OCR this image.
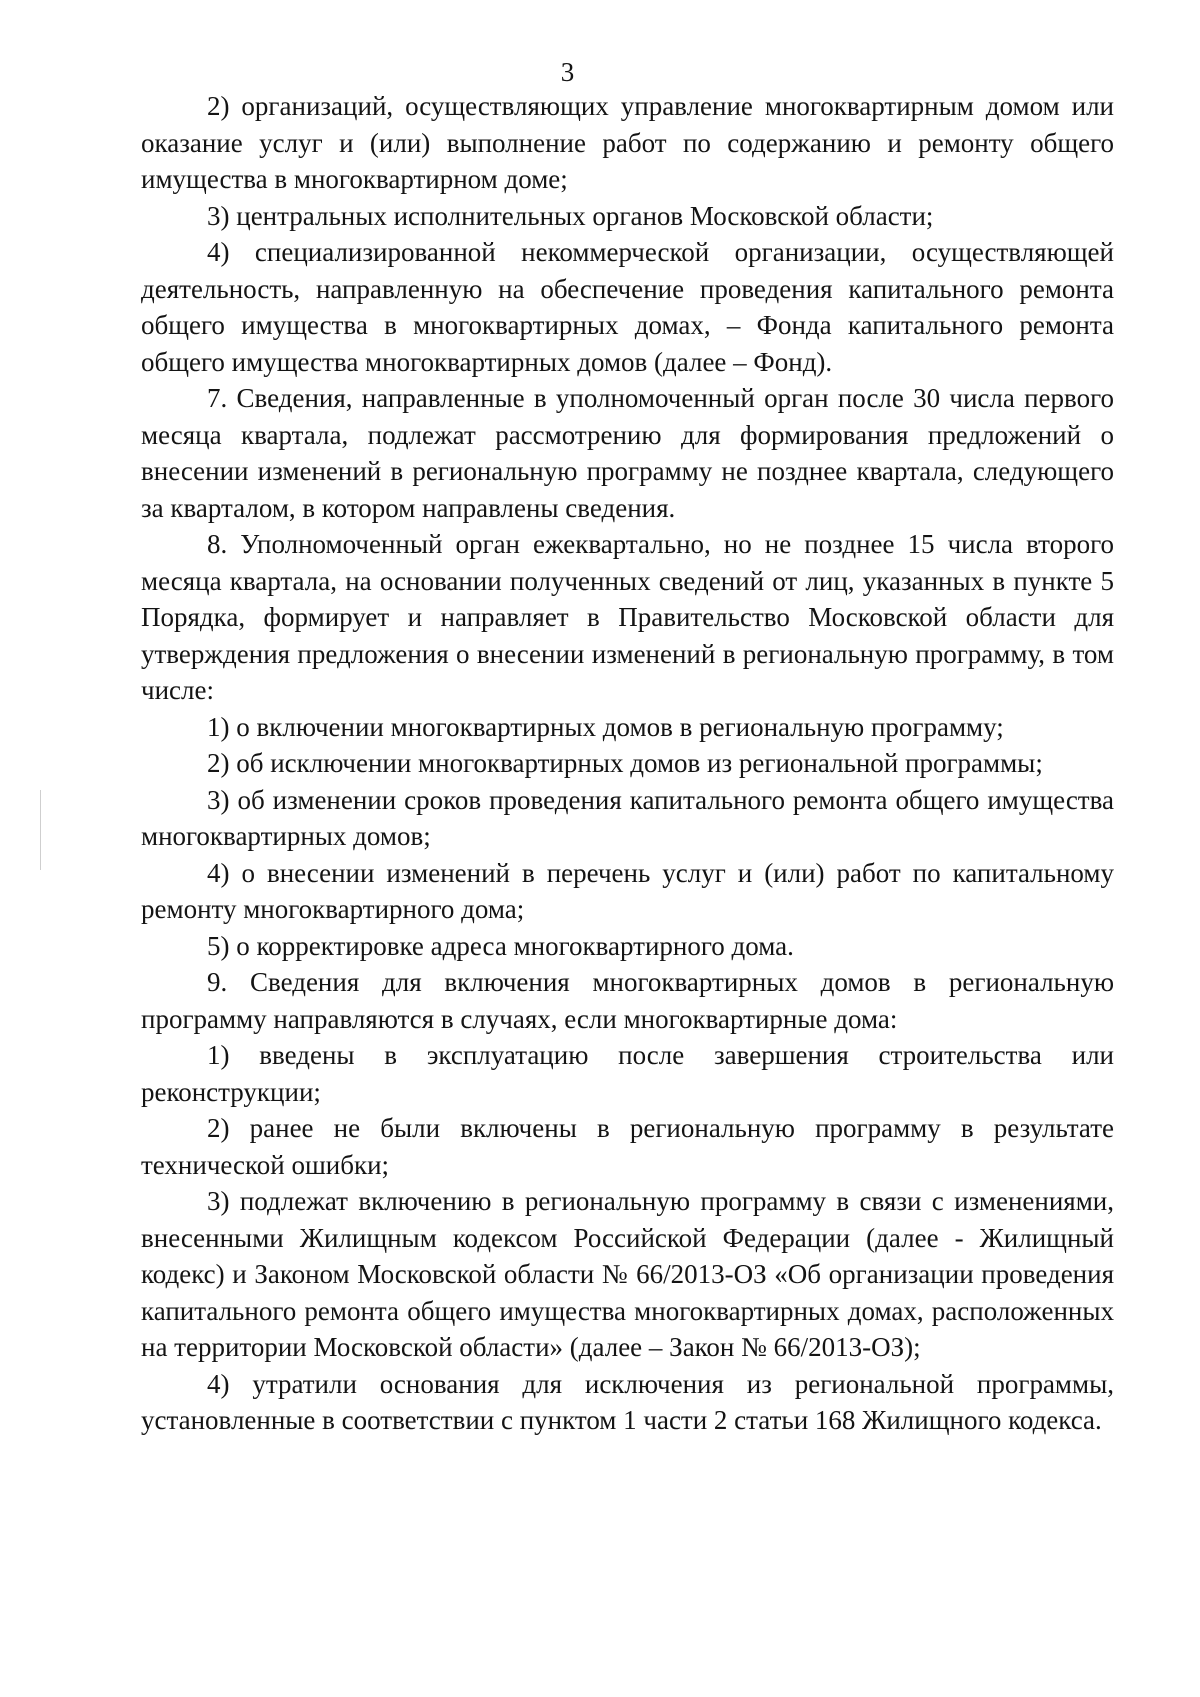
3

2) организаций, осуществляющих управление многоквартирным домом или оказание услуг и (или) выполнение работ по содержанию и ремонту общего имущества в многоквартирном доме;

3) центральных исполнительных органов Московской области;

4) специализированной некоммерческой организации, осуществляющей деятельность, направленную на обеспечение проведения капитального ремонта общего имущества в многоквартирных домах, – Фонда капитального ремонта общего имущества многоквартирных домов (далее – Фонд).

7. Сведения, направленные в уполномоченный орган после 30 числа первого месяца квартала, подлежат рассмотрению для формирования предложений о внесении изменений в региональную программу не позднее квартала, следующего за кварталом, в котором направлены сведения.

8. Уполномоченный орган ежеквартально, но не позднее 15 числа второго месяца квартала, на основании полученных сведений от лиц, указанных в пункте 5 Порядка, формирует и направляет в Правительство Московской области для утверждения предложения о внесении изменений в региональную программу, в том числе:

1) о включении многоквартирных домов в региональную программу;

2) об исключении многоквартирных домов из региональной программы;

3) об изменении сроков проведения капитального ремонта общего имущества многоквартирных домов;

4) о внесении изменений в перечень услуг и (или) работ по капитальному ремонту многоквартирного дома;

5) о корректировке адреса многоквартирного дома.

9. Сведения для включения многоквартирных домов в региональную программу направляются в случаях, если многоквартирные дома:

1) введены в эксплуатацию после завершения строительства или реконструкции;

2) ранее не были включены в региональную программу в результате технической ошибки;

3) подлежат включению в региональную программу в связи с изменениями, внесенными Жилищным кодексом Российской Федерации (далее - Жилищный кодекс) и Законом Московской области № 66/2013-ОЗ «Об организации проведения капитального ремонта общего имущества многоквартирных домах, расположенных на территории Московской области» (далее – Закон № 66/2013-ОЗ);

4) утратили основания для исключения из региональной программы, установленные в соответствии с пунктом 1 части 2 статьи 168 Жилищного кодекса.
